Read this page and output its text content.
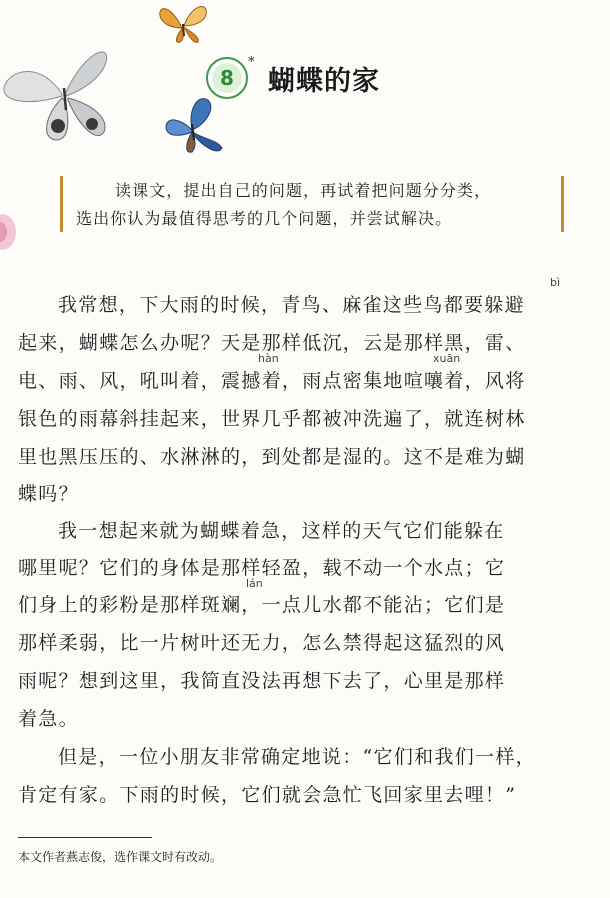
8
*
蝴蝶的家
读课文，提出自己的问题，再试着把问题分分类，
选出你认为最值得思考的几个问题，并尝试解决。
bì
hàn	xuān
lán
我常想，下大雨的时候，青鸟、麻雀这些鸟都要躲避
起来，蝴蝶怎么办呢？天是那样低沉，云是那样黑，雷、
电、雨、风，吼叫着，震撼着，雨点密集地喧嚷着，风将
银色的雨幕斜挂起来，世界几乎都被冲洗遍了，就连树林
里也黑压压的、水淋淋的，到处都是湿的。这不是难为蝴
蝶吗？
我一想起来就为蝴蝶着急，这样的天气它们能躲在
哪里呢？它们的身体是那样轻盈，载不动一个水点；它
们身上的彩粉是那样斑斓，一点儿水都不能沾；它们是
那样柔弱，比一片树叶还无力，怎么禁得起这猛烈的风
雨呢？想到这里，我简直没法再想下去了，心里是那样
着急。
但是，一位小朋友非常确定地说：“它们和我们一样，
肯定有家。下雨的时候，它们就会急忙飞回家里去哩！”
本文作者燕志俊，选作课文时有改动。
